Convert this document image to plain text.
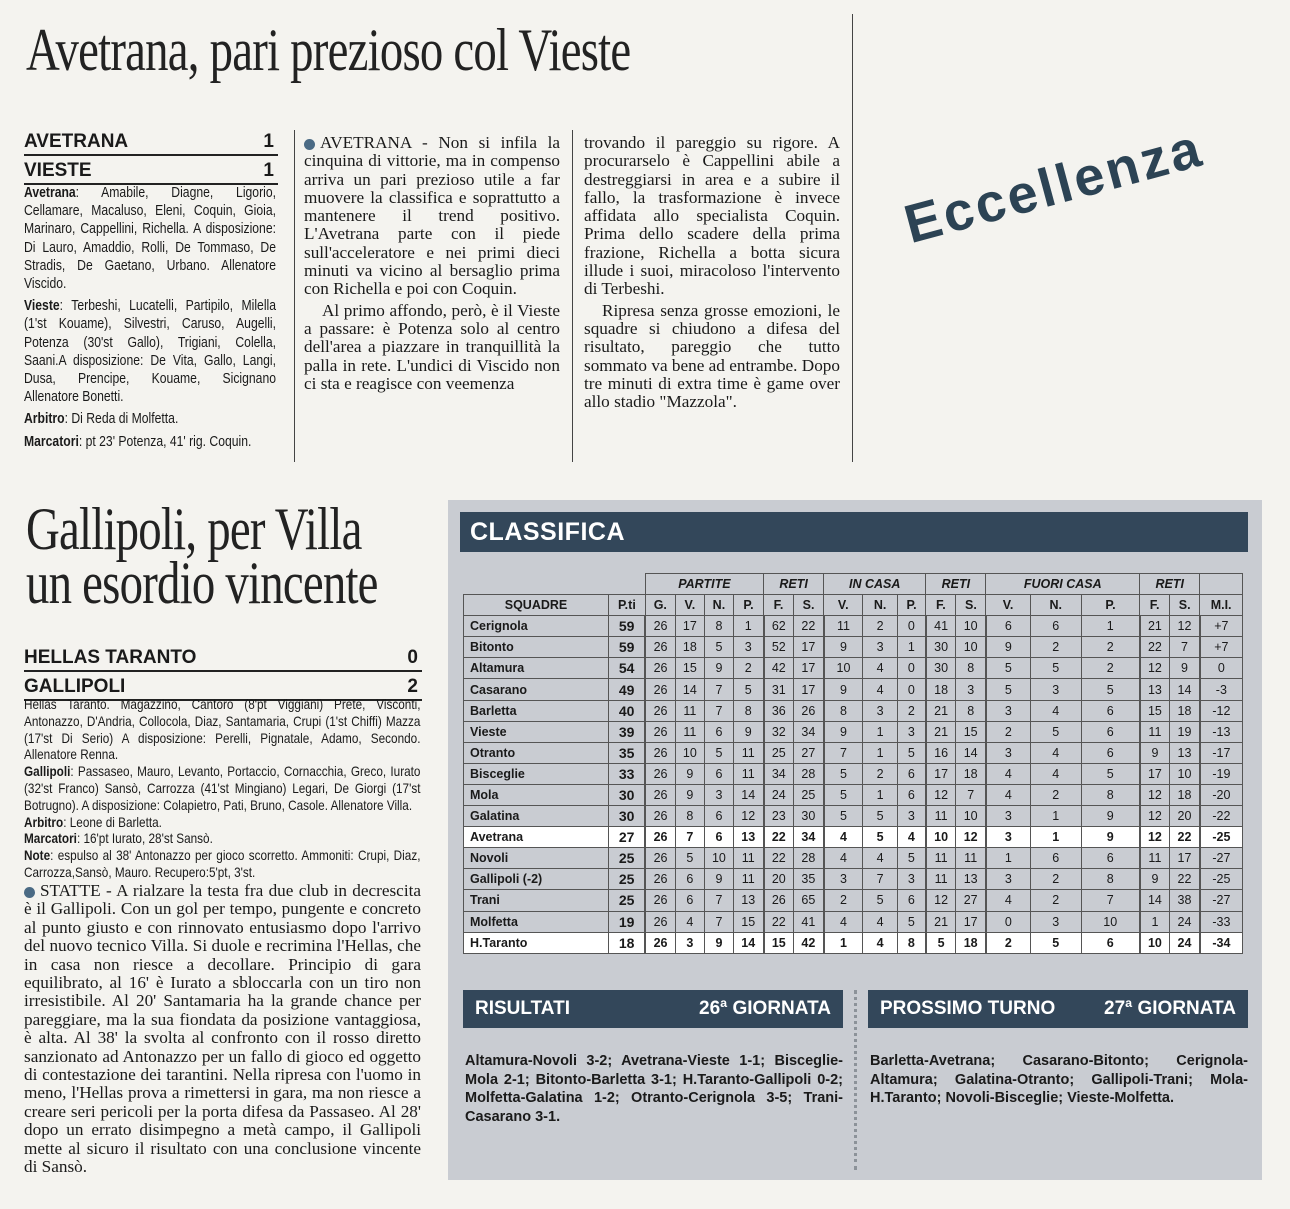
Avetrana, pari prezioso col Vieste
AVETRANA	1
VIESTE	1

Avetrana: Amabile, Diagne, Ligorio, Cellamare, Macaluso, Eleni, Coquin, Gioia, Marinaro, Cappellini, Richella. A disposizione: Di Lauro, Amaddio, Rolli, De Tommaso, De Stradis, De Gaetano, Urbano. Allenatore Viscido.

Vieste: Terbeshi, Lucatelli, Partipilo, Milella (1'st Kouame), Silvestri, Caruso, Augelli, Potenza (30'st Gallo), Trigiani, Colella, Saani.A disposizione: De Vita, Gallo, Langi, Dusa, Prencipe, Kouame, Sicignano Allenatore Bonetti.

Arbitro: Di Reda di Molfetta.

Marcatori: pt 23' Potenza, 41' rig. Coquin.

AVETRANA - Non si infila la cinquina di vittorie, ma in compenso arriva un pari prezioso utile a far muovere la classifica e soprattutto a mantenere il trend positivo. L'Avetrana parte con il piede sull'acceleratore e nei primi dieci minuti va vicino al bersaglio prima con Richella e poi con Coquin.

Al primo affondo, però, è il Vieste a passare: è Potenza solo al centro dell'area a piazzare in tranquillità la palla in rete. L'undici di Viscido non ci sta e reagisce con veemenza

trovando il pareggio su rigore. A procurarselo è Cappellini abile a destreggiarsi in area e a subire il fallo, la trasformazione è invece affidata allo specialista Coquin. Prima dello scadere della prima frazione, Richella a botta sicura illude i suoi, miracoloso l'intervento di Terbeshi.

Ripresa senza grosse emozioni, le squadre si chiudono a difesa del risultato, pareggio che tutto sommato va bene ad entrambe. Dopo tre minuti di extra time è game over allo stadio "Mazzola".

Eccellenza
Gallipoli, per Villa
un esordio vincente
HELLAS TARANTO	0
GALLIPOLI	2

Hellas Taranto. Magazzino, Cantoro (8'pt Viggiani) Prete, Visconti, Antonazzo, D'Andria, Collocola, Diaz, Santamaria, Crupi (1'st Chiffi) Mazza (17'st Di Serio) A disposizione: Perelli, Pignatale, Adamo, Secondo. Allenatore Renna.

Gallipoli: Passaseo, Mauro, Levanto, Portaccio, Cornacchia, Greco, Iurato (32'st Franco) Sansò, Carrozza (41'st Mingiano) Legari, De Giorgi (17'st Botrugno). A disposizione: Colapietro, Pati, Bruno, Casole. Allenatore Villa.

Arbitro: Leone di Barletta.

Marcatori: 16'pt Iurato, 28'st Sansò.

Note: espulso al 38' Antonazzo per gioco scorretto. Ammoniti: Crupi, Diaz, Carrozza,Sansò, Mauro. Recupero:5'pt, 3'st.

STATTE - A rialzare la testa fra due club in decrescita è il Gallipoli. Con un gol per tempo, pungente e concreto al punto giusto e con rinnovato entusiasmo dopo l'arrivo del nuovo tecnico Villa. Si duole e recrimina l'Hellas, che in casa non riesce a decollare. Principio di gara equilibrato, al 16' è Iurato a sbloccarla con un tiro non irresistibile. Al 20' Santamaria ha la grande chance per pareggiare, ma la sua fiondata da posizione vantaggiosa, è alta. Al 38' la svolta al confronto con il rosso diretto sanzionato ad Antonazzo per un fallo di gioco ed oggetto di contestazione dei tarantini. Nella ripresa con l'uomo in meno, l'Hellas prova a rimettersi in gara, ma non riesce a creare seri pericoli per la porta difesa da Passaseo. Al 28' dopo un errato disimpegno a metà campo, il Gallipoli mette al sicuro il risultato con una conclusione vincente di Sansò.

CLASSIFICA
		PARTITE				RETI		IN CASA			RETI		FUORI CASA			RETI		
SQUADRE	P.ti	G.	V.	N.	P.	F.	S.	V.	N.	P.	F.	S.	V.	N.	P.	F.	S.	M.I.
Cerignola	59	26	17	8	1	62	22	11	2	0	41	10	6	6	1	21	12	+7
Bitonto	59	26	18	5	3	52	17	9	3	1	30	10	9	2	2	22	7	+7
Altamura	54	26	15	9	2	42	17	10	4	0	30	8	5	5	2	12	9	0
Casarano	49	26	14	7	5	31	17	9	4	0	18	3	5	3	5	13	14	-3
Barletta	40	26	11	7	8	36	26	8	3	2	21	8	3	4	6	15	18	-12
Vieste	39	26	11	6	9	32	34	9	1	3	21	15	2	5	6	11	19	-13
Otranto	35	26	10	5	11	25	27	7	1	5	16	14	3	4	6	9	13	-17
Bisceglie	33	26	9	6	11	34	28	5	2	6	17	18	4	4	5	17	10	-19
Mola	30	26	9	3	14	24	25	5	1	6	12	7	4	2	8	12	18	-20
Galatina	30	26	8	6	12	23	30	5	5	3	11	10	3	1	9	12	20	-22
Avetrana	27	26	7	6	13	22	34	4	5	4	10	12	3	1	9	12	22	-25
Novoli	25	26	5	10	11	22	28	4	4	5	11	11	1	6	6	11	17	-27
Gallipoli (-2)	25	26	6	9	11	20	35	3	7	3	11	13	3	2	8	9	22	-25
Trani	25	26	6	7	13	26	65	2	5	6	12	27	4	2	7	14	38	-27
Molfetta	19	26	4	7	15	22	41	4	4	5	21	17	0	3	10	1	24	-33
H.Taranto	18	26	3	9	14	15	42	1	4	8	5	18	2	5	6	10	24	-34
RISULTATI	26ª GIORNATA
Altamura-Novoli 3-2; Avetrana-Vieste 1-1; Bisceglie-Mola 2-1; Bitonto-Barletta 3-1; H.Taranto-Gallipoli 0-2; Molfetta-Galatina 1-2; Otranto-Cerignola 3-5; Trani-Casarano 3-1.
PROSSIMO TURNO	27ª GIORNATA
Barletta-Avetrana; Casarano-Bitonto; Cerignola-Altamura; Galatina-Otranto; Gallipoli-Trani; Mola-H.Taranto; Novoli-Bisceglie; Vieste-Molfetta.
